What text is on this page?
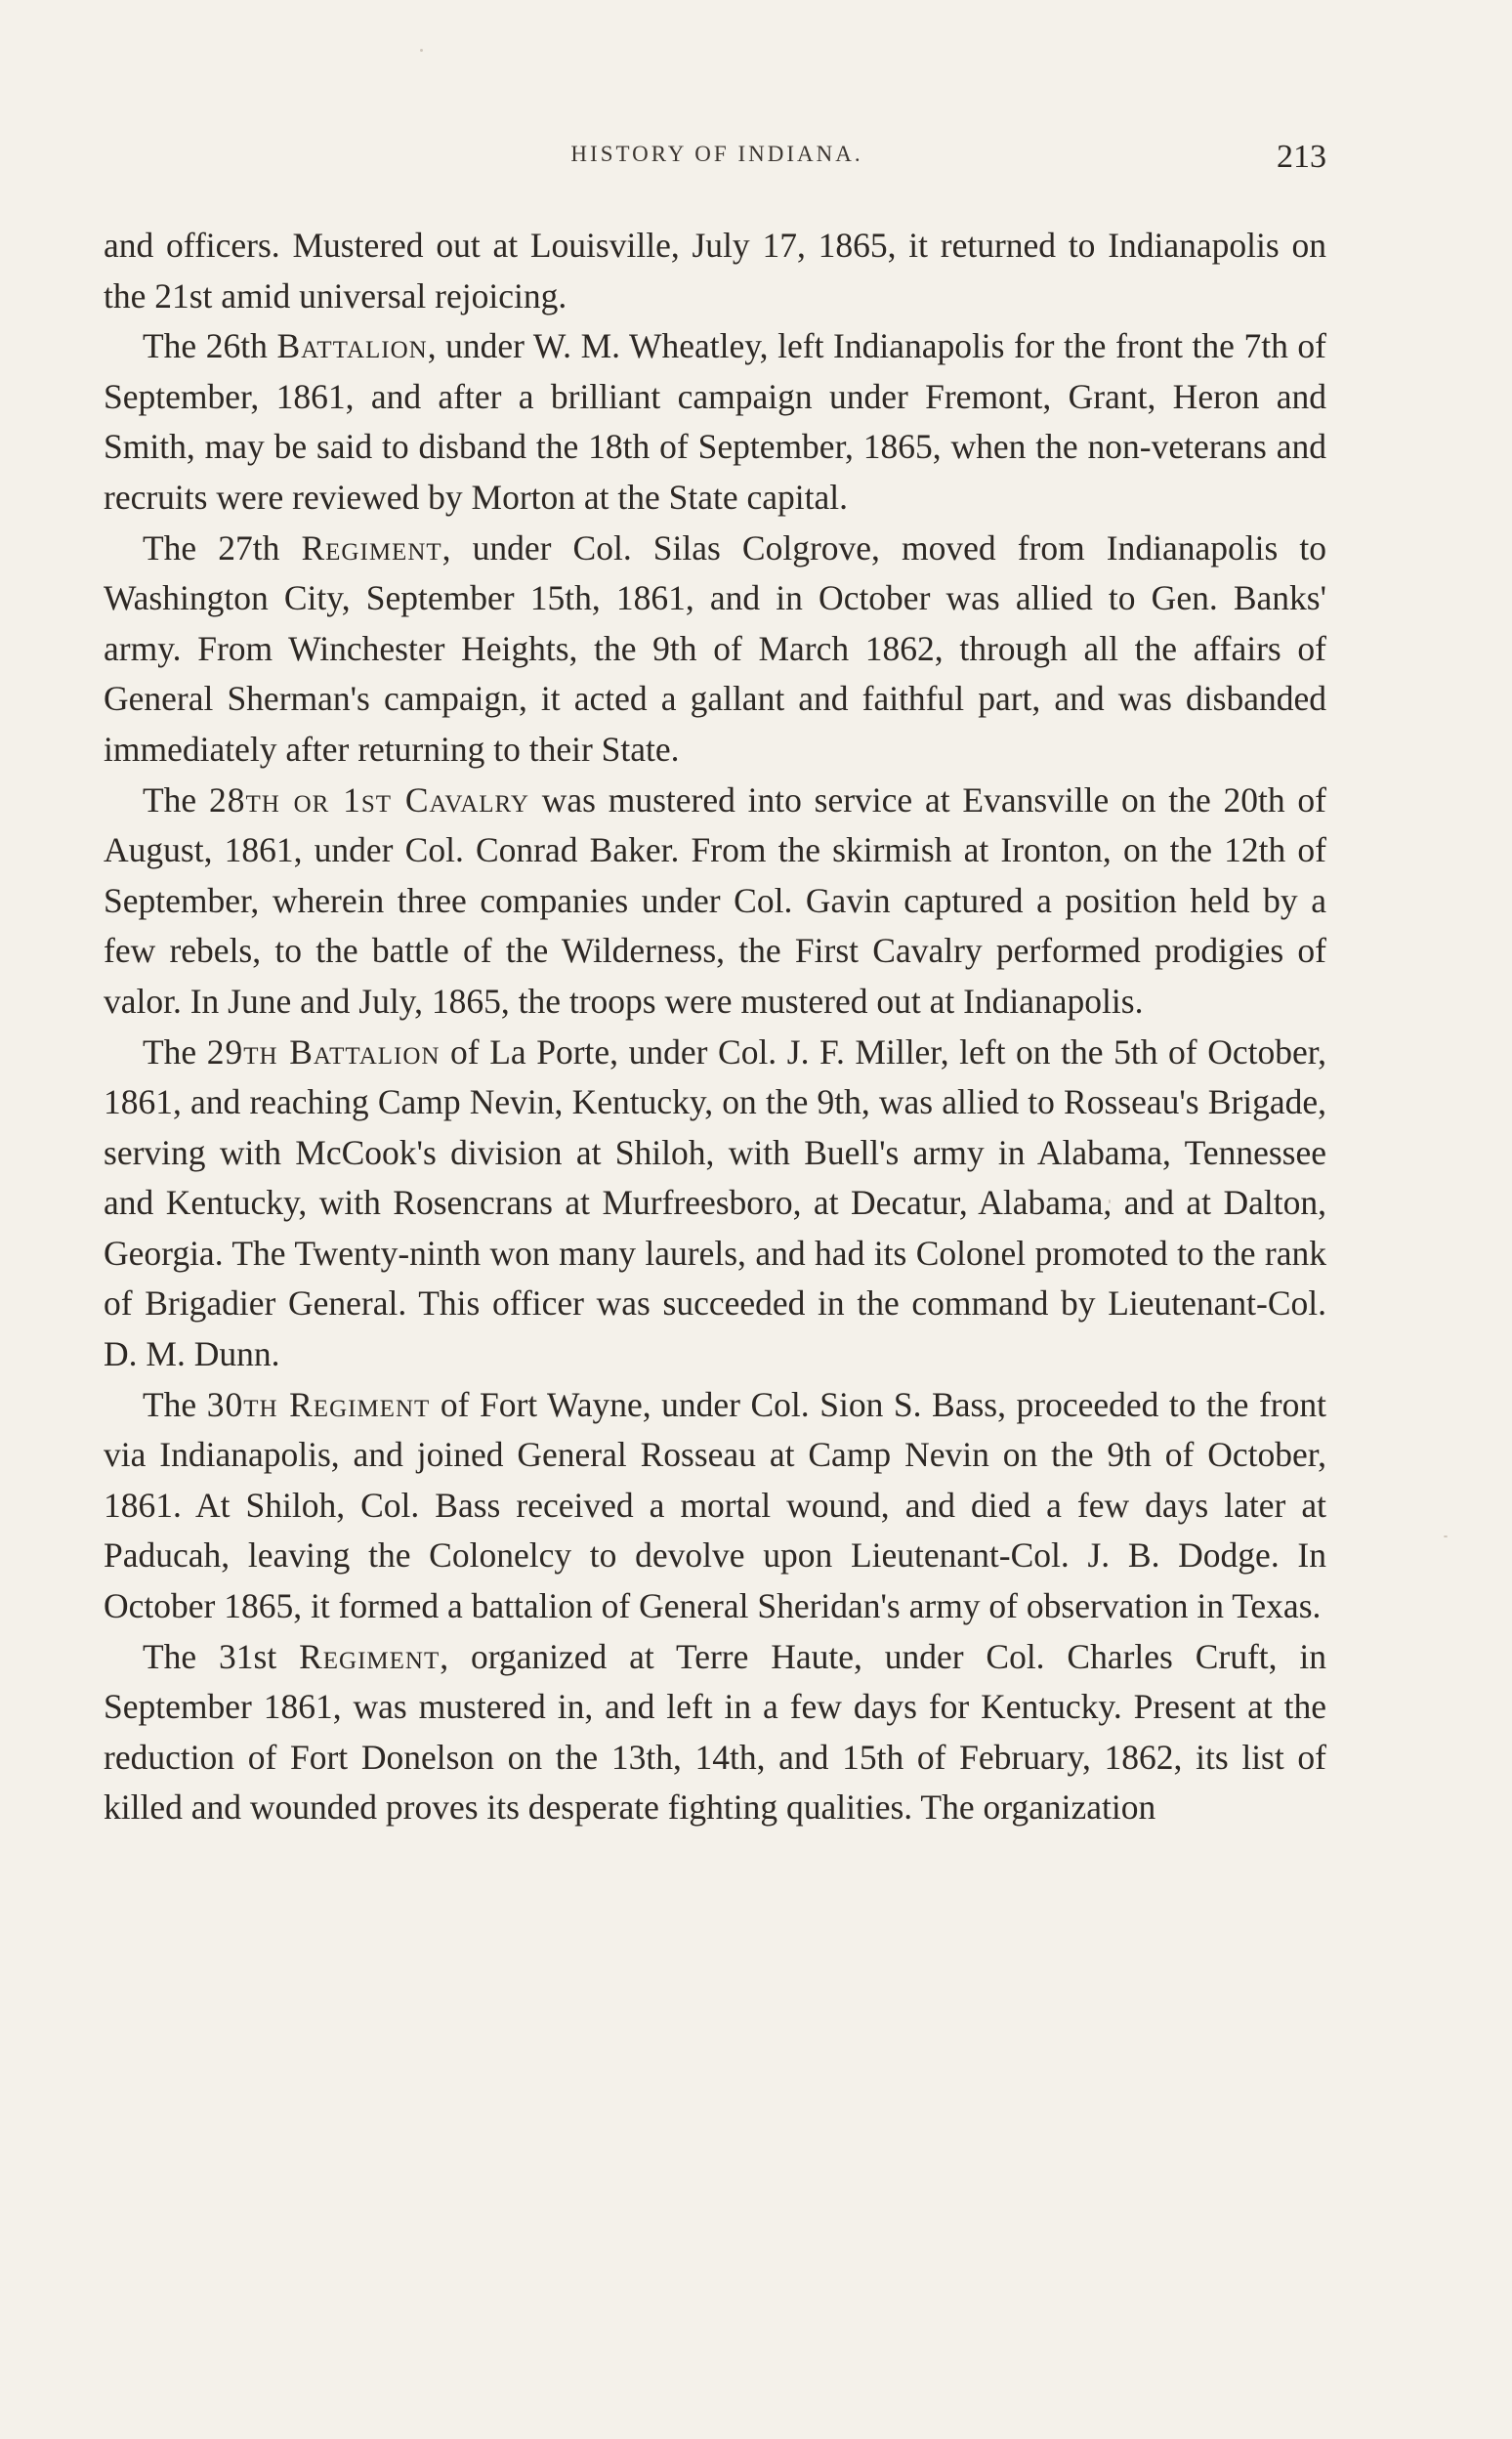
HISTORY OF INDIANA.	213

and officers. Mustered out at Louisville, July 17, 1865, it returned to Indianapolis on the 21st amid universal rejoicing.

The 26th Battalion, under W. M. Wheatley, left Indianapolis for the front the 7th of September, 1861, and after a brilliant campaign under Fremont, Grant, Heron and Smith, may be said to disband the 18th of September, 1865, when the non-veterans and recruits were reviewed by Morton at the State capital.

The 27th Regiment, under Col. Silas Colgrove, moved from Indianapolis to Washington City, September 15th, 1861, and in October was allied to Gen. Banks' army. From Winchester Heights, the 9th of March 1862, through all the affairs of General Sherman's campaign, it acted a gallant and faithful part, and was disbanded immediately after returning to their State.

The 28th or 1st Cavalry was mustered into service at Evansville on the 20th of August, 1861, under Col. Conrad Baker. From the skirmish at Ironton, on the 12th of September, wherein three companies under Col. Gavin captured a position held by a few rebels, to the battle of the Wilderness, the First Cavalry performed prodigies of valor. In June and July, 1865, the troops were mustered out at Indianapolis.

The 29th Battalion of La Porte, under Col. J. F. Miller, left on the 5th of October, 1861, and reaching Camp Nevin, Kentucky, on the 9th, was allied to Rosseau's Brigade, serving with McCook's division at Shiloh, with Buell's army in Alabama, Tennessee and Kentucky, with Rosencrans at Murfreesboro, at Decatur, Alabama, and at Dalton, Georgia. The Twenty-ninth won many laurels, and had its Colonel promoted to the rank of Brigadier General. This officer was succeeded in the command by Lieutenant-Col. D. M. Dunn.

The 30th Regiment of Fort Wayne, under Col. Sion S. Bass, proceeded to the front via Indianapolis, and joined General Rosseau at Camp Nevin on the 9th of October, 1861. At Shiloh, Col. Bass received a mortal wound, and died a few days later at Paducah, leaving the Colonelcy to devolve upon Lieutenant-Col. J. B. Dodge. In October 1865, it formed a battalion of General Sheridan's army of observation in Texas.

The 31st Regiment, organized at Terre Haute, under Col. Charles Cruft, in September 1861, was mustered in, and left in a few days for Kentucky. Present at the reduction of Fort Donelson on the 13th, 14th, and 15th of February, 1862, its list of killed and wounded proves its desperate fighting qualities. The organization
